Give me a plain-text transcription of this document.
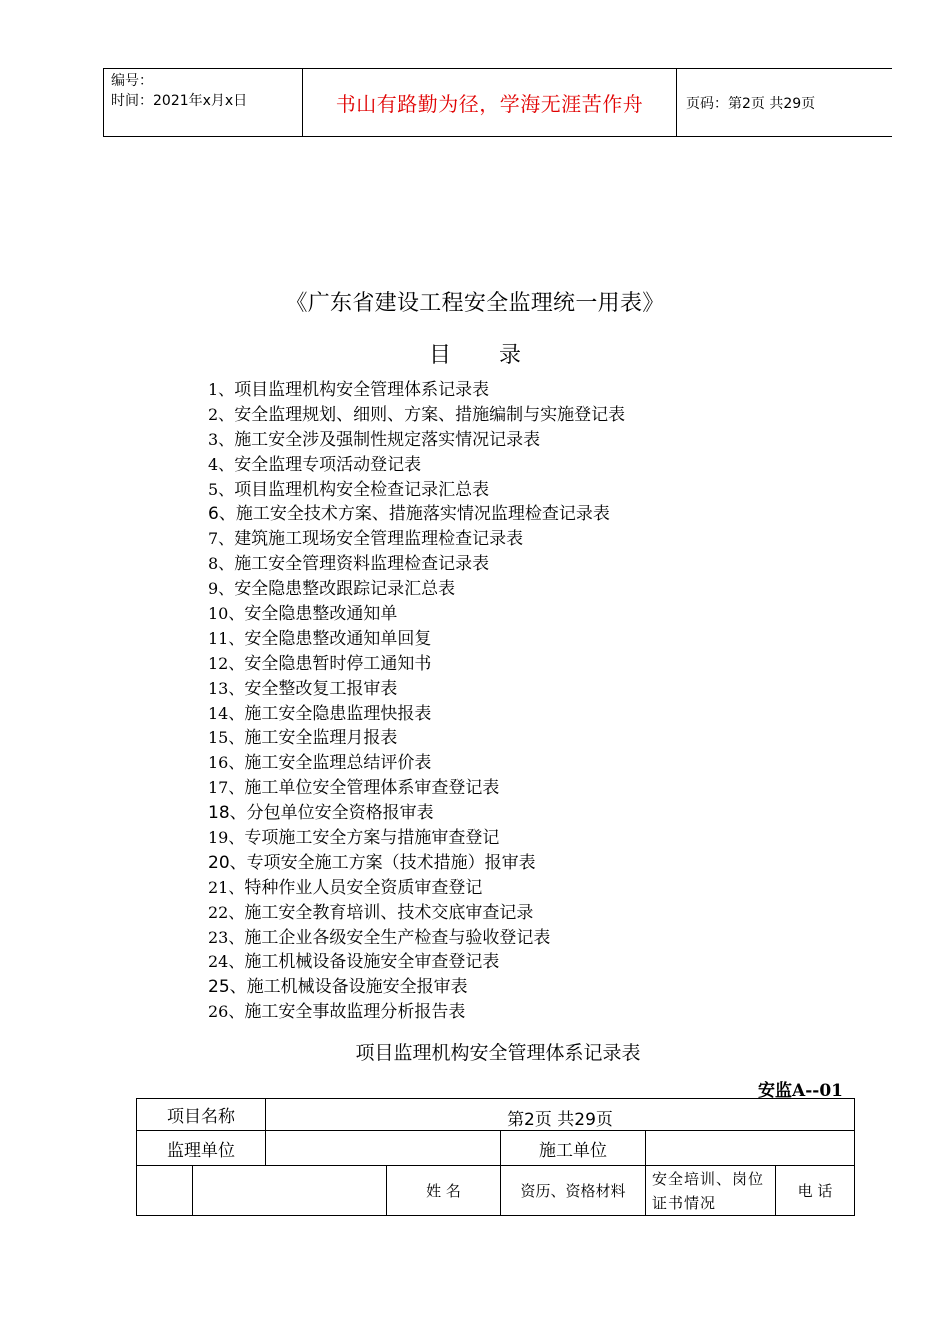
编号：
时间：2021年x月x日	书山有路勤为径，学海无涯苦作舟	页码：第2页 共29页
《广东省建设工程安全监理统一用表》
目 录
1、项目监理机构安全管理体系记录表
2、安全监理规划、细则、方案、措施编制与实施登记表
3、施工安全涉及强制性规定落实情况记录表
4、安全监理专项活动登记表
5、项目监理机构安全检查记录汇总表
6、施工安全技术方案、措施落实情况监理检查记录表
7、建筑施工现场安全管理监理检查记录表
8、施工安全管理资料监理检查记录表
9、安全隐患整改跟踪记录汇总表
10、安全隐患整改通知单
11、安全隐患整改通知单回复
12、安全隐患暂时停工通知书
13、安全整改复工报审表
14、施工安全隐患监理快报表
15、施工安全监理月报表
16、施工安全监理总结评价表
17、施工单位安全管理体系审查登记表
18、分包单位安全资格报审表
19、专项施工安全方案与措施审查登记
20、专项安全施工方案（技术措施）报审表
21、特种作业人员安全资质审查登记
22、施工安全教育培训、技术交底审查记录
23、施工企业各级安全生产检查与验收登记表
24、施工机械设备设施安全审查登记表
25、施工机械设备设施安全报审表
26、施工安全事故监理分析报告表
项目监理机构安全管理体系记录表
安监A--01
项目名称		第2页 共29页				
监理单位				施工单位		
			姓 名	资历、资格材料	安全培训、岗位证书情况	电 话
